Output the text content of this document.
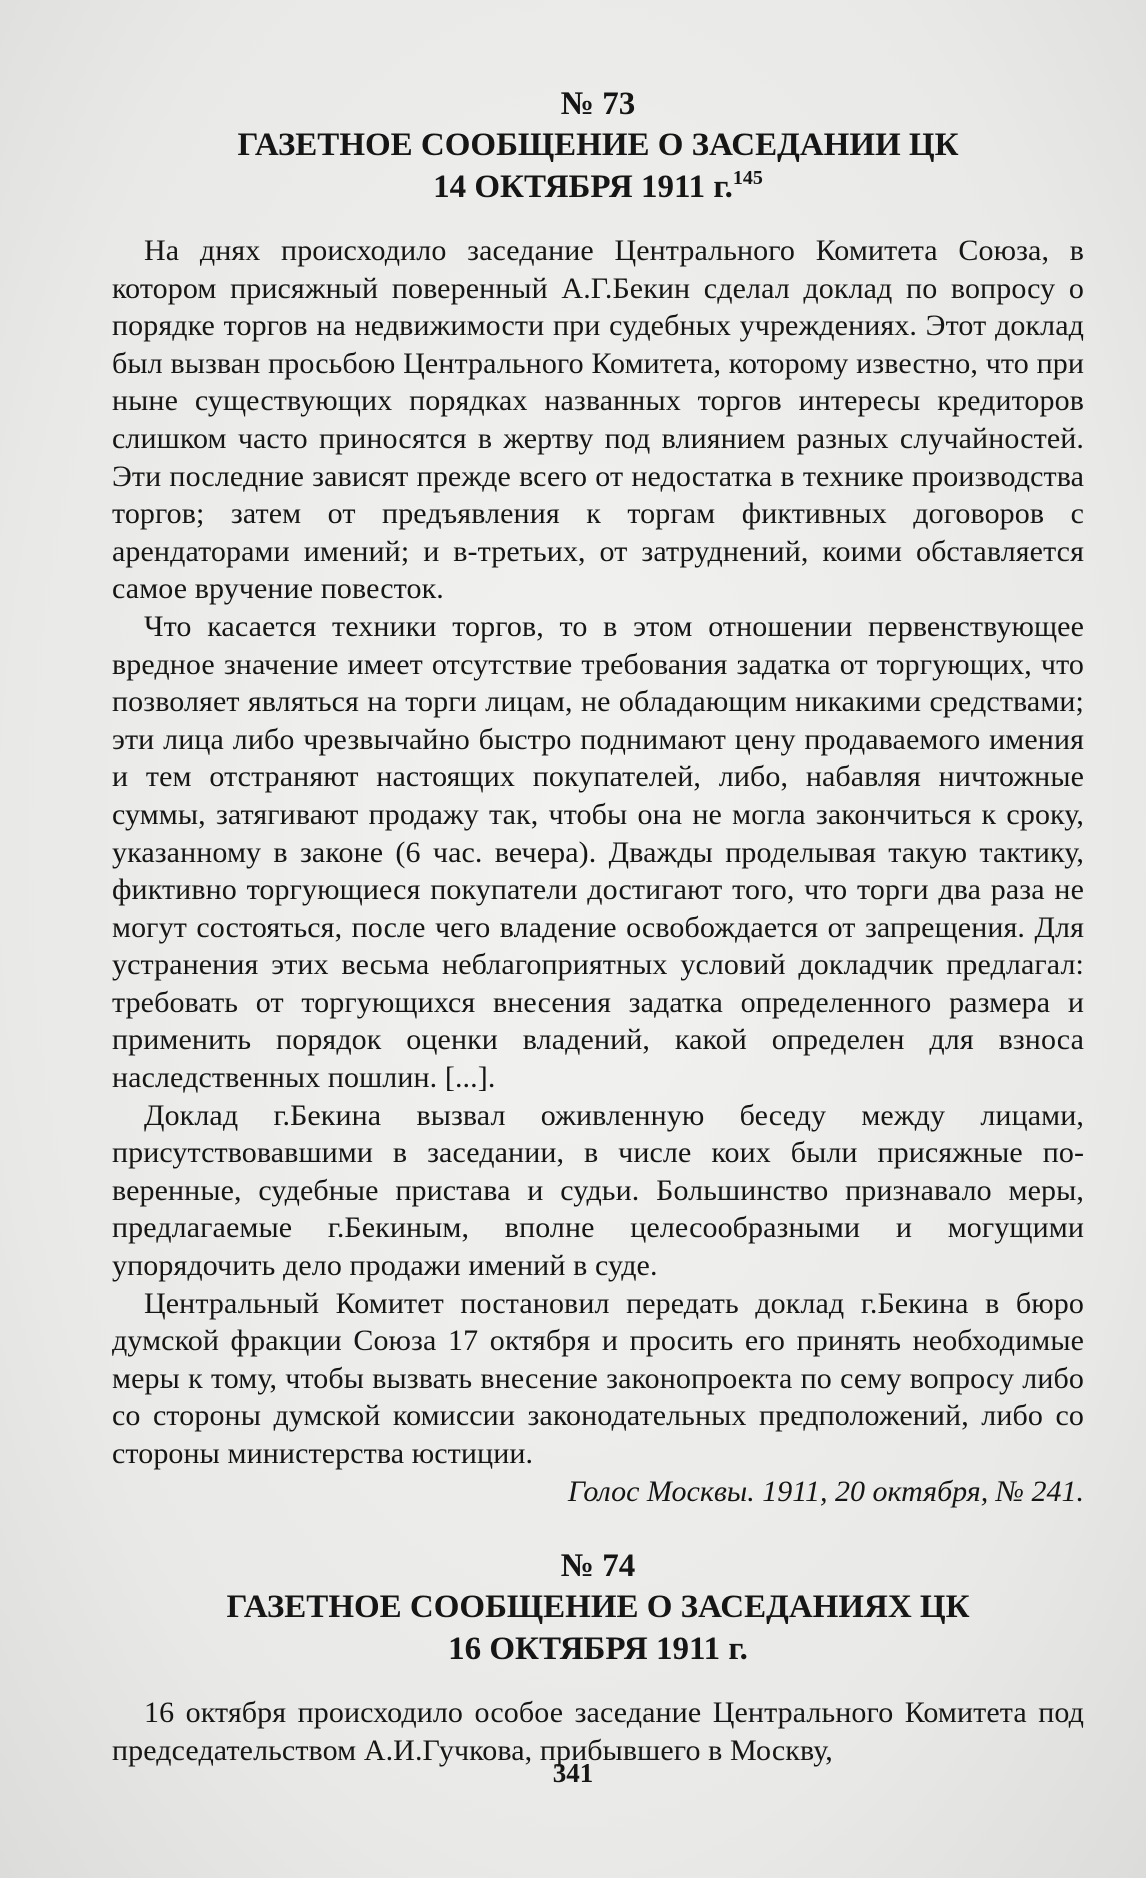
№ 73

ГАЗЕТНОЕ СООБЩЕНИЕ О ЗАСЕДАНИИ ЦК

14 ОКТЯБРЯ 1911 г.$^{145}$

На днях происходило заседание Центрального Комитета Союза, в котором присяжный поверенный А.Г.Бекин сделал доклад по вопросу о порядке торгов на недвижимости при судебных учреждениях. Этот доклад был вызван просьбою Центрального Комитета, которому известно, что при ныне существующих порядках названных торгов интересы кредиторов слишком часто приносятся в жертву под влиянием разных случайностей. Эти последние зависят прежде всего от недостатка в технике производства торгов; затем от предъявления к торгам фиктивных договоров с арендаторами имений; и в-третьих, от затруднений, коими обставляется самое вручение повесток.

Что касается техники торгов, то в этом отношении первенствующее вредное значение имеет отсутствие требования задатка от торгующих, что позволяет являться на торги лицам, не обладающим никакими средствами; эти лица либо чрезвычайно быстро поднимают цену продаваемого имения и тем отстраняют настоящих покупателей, либо, набавляя ничтожные суммы, затягивают продажу так, чтобы она не могла закончиться к сроку, указанному в законе (6 час. вечера). Дважды проделывая такую тактику, фиктивно торгующиеся покупатели достигают того, что торги два раза не могут состояться, после чего владение освобождается от запрещения. Для устранения этих весьма неблагоприятных условий докладчик предлагал: требовать от торгующихся внесения задатка определенного размера и применить порядок оценки владений, какой определен для взноса наследственных пошлин. [...].

Доклад г.Бекина вызвал оживленную беседу между лицами, присутствовавшими в заседании, в числе коих были присяжные поверенные, судебные пристава и судьи. Большинство признавало меры, предлагаемые г.Бекиным, вполне целесообразными и могущими упорядочить дело продажи имений в суде.

Центральный Комитет постановил передать доклад г.Бекина в бюро думской фракции Союза 17 октября и просить его принять необходимые меры к тому, чтобы вызвать внесение законопроекта по сему вопросу либо со стороны думской комиссии законодательных предположений, либо со стороны министерства юстиции.

Голос Москвы. 1911, 20 октября, № 241.

№ 74

ГАЗЕТНОЕ СООБЩЕНИЕ О ЗАСЕДАНИЯХ ЦК

16 ОКТЯБРЯ 1911 г.

16 октября происходило особое заседание Центрального Комитета под председательством А.И.Гучкова, прибывшего в Москву,

341
